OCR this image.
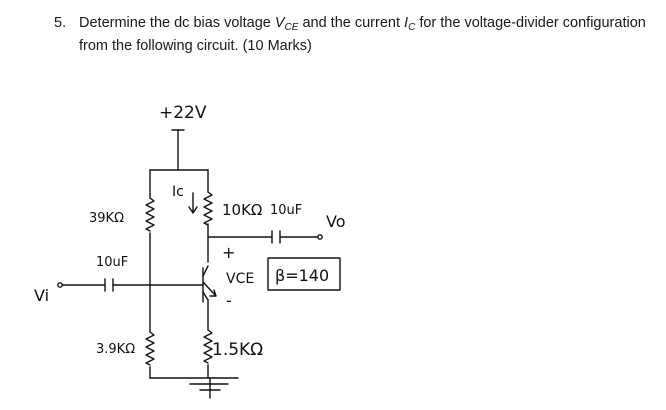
5. Determine the dc bias voltage $V_{CE}$ and the current $I_C$ for the voltage-divider configuration
from the following circuit. (10 Marks)
+22V
39KΩ
3.9KΩ
10KΩ
1.5KΩ
10uF
10uF
Ic
VCE
+
-
β=140
Vi
Vo
